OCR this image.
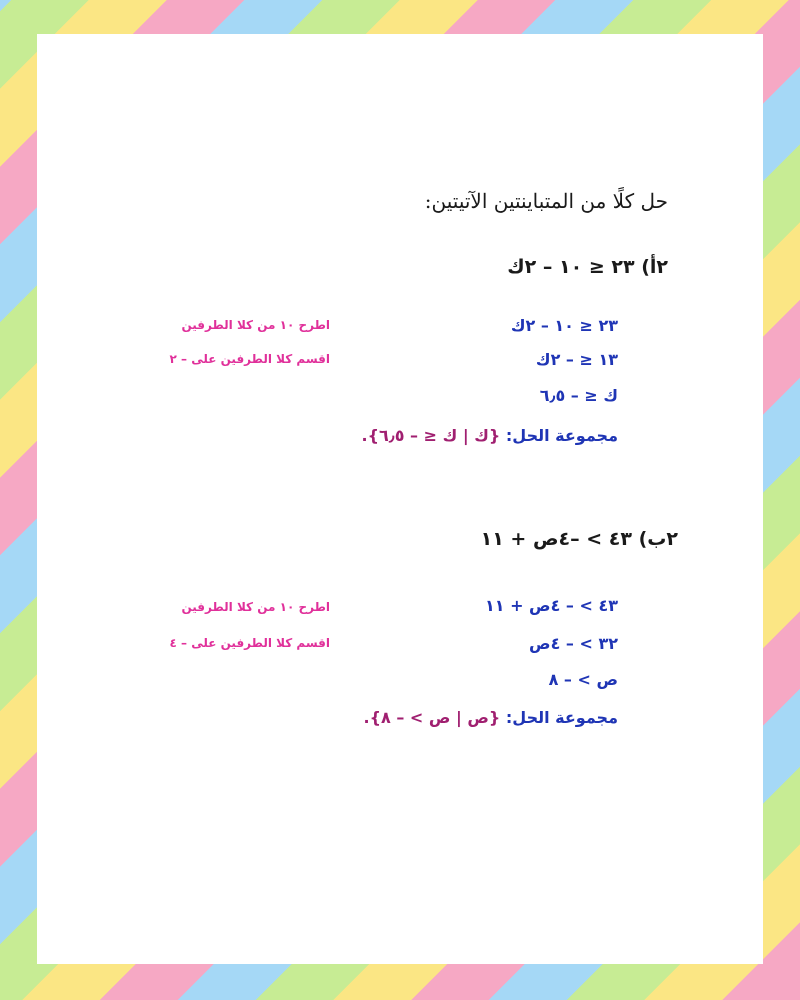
حل كلًا من المتباينتين الآتيتين:
٢أ) ٢٣ ≤ ١٠ – ٢ك
٢٣ ≤ ١٠ – ٢ك
اطرح ١٠ من كلا الطرفين
١٣ ≤ – ٢ك
اقسم كلا الطرفين على – ٢
ك ≤ – ٦٫٥
مجموعة الحل: {ك | ك ≤ – ٦٫٥}.
٢ب) ٤٣ > –٤ص + ١١
٤٣ > – ٤ص + ١١
اطرح ١٠ من كلا الطرفين
٣٢ > – ٤ص
اقسم كلا الطرفين على – ٤
ص > – ٨
مجموعة الحل: {ص | ص > – ٨}.
